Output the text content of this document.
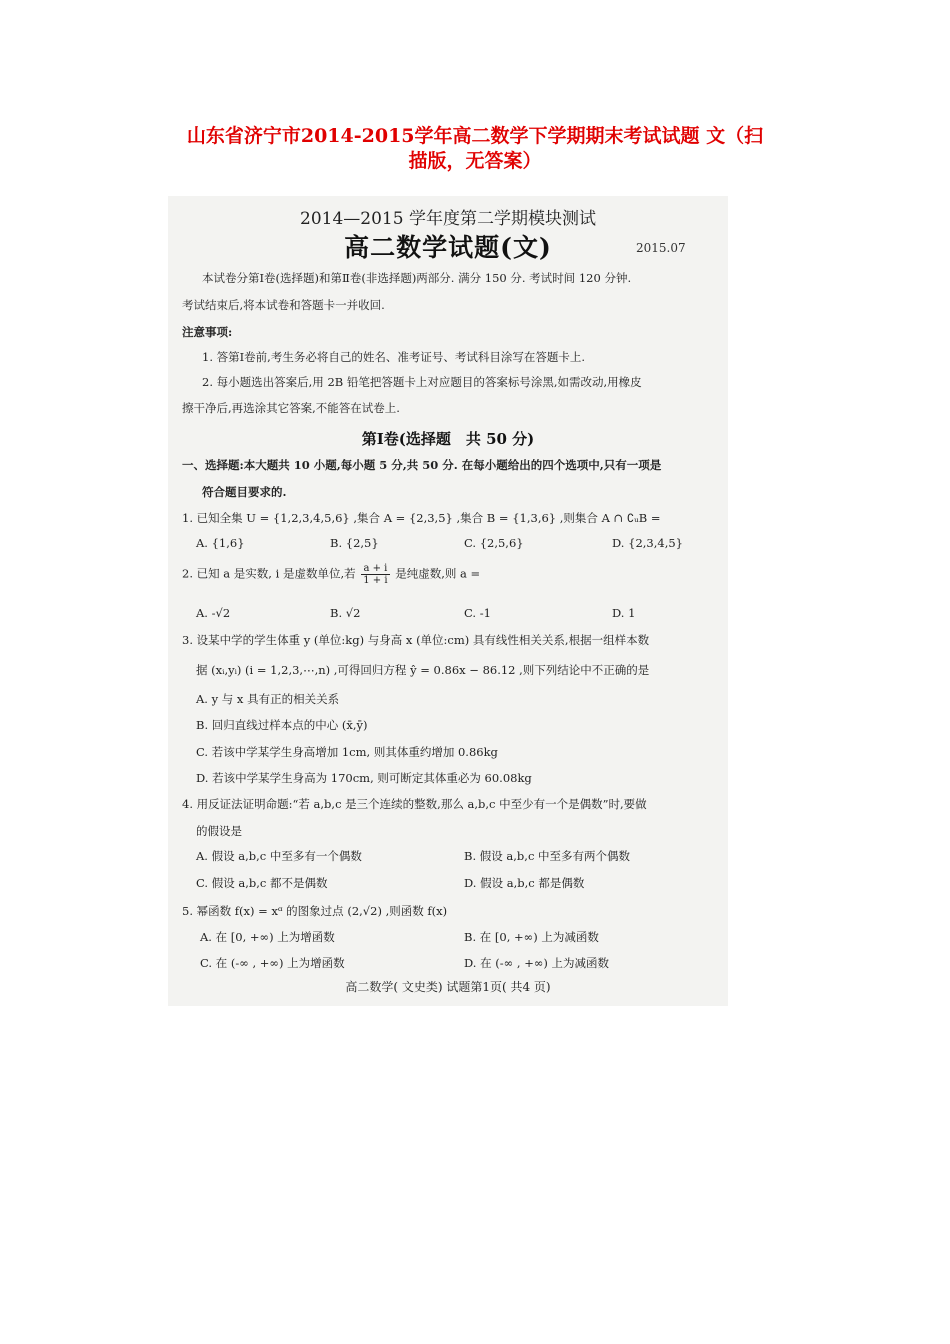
山东省济宁市2014-2015学年高二数学下学期期末考试试题 文（扫
描版，无答案）
2014—2015 学年度第二学期模块测试
高二数学试题(文)	2015.07
本试卷分第Ⅰ卷(选择题)和第Ⅱ卷(非选择题)两部分. 满分 150 分. 考试时间 120 分钟.
考试结束后,将本试卷和答题卡一并收回.
注意事项:
1. 答第Ⅰ卷前,考生务必将自己的姓名、准考证号、考试科目涂写在答题卡上.
2. 每小题选出答案后,用 2B 铅笔把答题卡上对应题目的答案标号涂黑,如需改动,用橡皮
擦干净后,再选涂其它答案,不能答在试卷上.
第Ⅰ卷(选择题　共 50 分)
一、选择题:本大题共 10 小题,每小题 5 分,共 50 分. 在每小题给出的四个选项中,只有一项是
符合题目要求的.
1. 已知全集 U = {1,2,3,4,5,6} ,集合 A = {2,3,5} ,集合 B = {1,3,6} ,则集合 A ∩ ∁ᵤB =
A. {1,6}	B. {2,5}	C. {2,5,6}	D. {2,3,4,5}
2. 已知 a 是实数, i 是虚数单位,若 $\frac{a + i}{1 + i}$ 是纯虚数,则 a =
A. -√2	B. √2	C. -1	D. 1
3. 设某中学的学生体重 y (单位:kg) 与身高 x (单位:cm) 具有线性相关关系,根据一组样本数
据 (xᵢ,yᵢ) (i = 1,2,3,⋯,n) ,可得回归方程 ŷ = 0.86x − 86.12 ,则下列结论中不正确的是
A. y 与 x 具有正的相关关系
B. 回归直线过样本点的中心 (x̄,ȳ)
C. 若该中学某学生身高增加 1cm, 则其体重约增加 0.86kg
D. 若该中学某学生身高为 170cm, 则可断定其体重必为 60.08kg
4. 用反证法证明命题:“若 a,b,c 是三个连续的整数,那么 a,b,c 中至少有一个是偶数”时,要做
的假设是
A. 假设 a,b,c 中至多有一个偶数	B. 假设 a,b,c 中至多有两个偶数
C. 假设 a,b,c 都不是偶数	D. 假设 a,b,c 都是偶数
5. 幂函数 f(x) = xᵅ 的图象过点 (2,√2) ,则函数 f(x)
A. 在 [0, +∞) 上为增函数	B. 在 [0, +∞) 上为减函数
C. 在 (-∞ , +∞) 上为增函数	D. 在 (-∞ , +∞) 上为减函数
高二数学( 文史类) 试题第1页( 共4 页)
